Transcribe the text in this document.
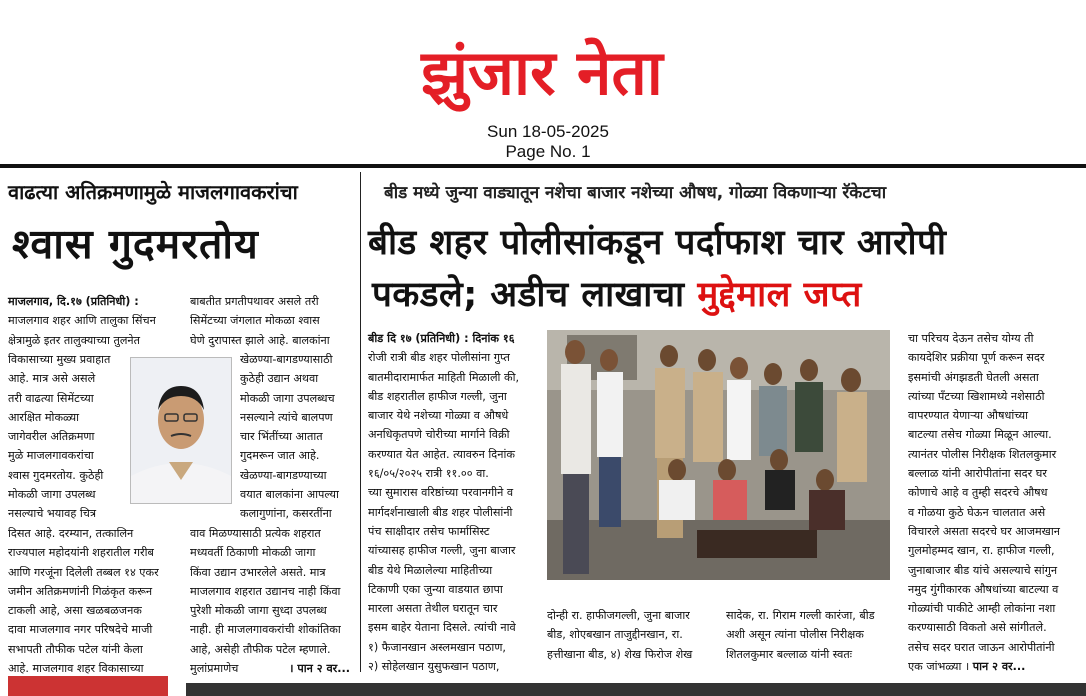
झुंजार नेता
Sun 18-05-2025
Page No. 1
वाढत्या अतिक्रमणामुळे माजलगावकरांचा
श्वास गुदमरतोय

माजलगाव, दि.१७ (प्रतिनिधी) :

माजलगाव शहर आणि तालुका सिंचन

क्षेत्रामुळे इतर तालुक्याच्या तुलनेत

विकासाच्या मुख्य प्रवाहात

आहे. मात्र असे असले

तरी वाढत्या सिमेंटच्या

आरक्षित मोकळ्या

जागेवरील अतिक्रमणा

मुळे माजलगावकरांचा

श्वास गुदमरतोय. कुठेही

मोकळी जागा उपलब्ध

नसल्याचे भयावह चित्र

दिसत आहे. दरम्यान, तत्कालिन

राज्यपाल महोदयांनी शहरातील गरीब

आणि गरजूंना दिलेली तब्बल १४ एकर

जमीन अतिक्रमणांनी गिळंकृत करून

टाकली आहे, असा खळबळजनक

दावा माजलगाव नगर परिषदेचे माजी

सभापती तौफीक पटेल यांनी केला

आहे. माजलगाव शहर विकासाच्या

बाबतीत प्रगतीपथावर असले तरी

सिमेंटच्या जंगलात मोकळा श्वास

घेणे दुरापास्त झाले आहे. बालकांना

खेळण्या-बागडण्यासाठी

कुठेही उद्यान अथवा

मोकळी जागा उपलब्धच

नसल्याने त्यांचे बालपण

चार भिंतींच्या आतात

गुदमरून जात आहे.

खेळण्या-बागडण्याच्या

वयात बालकांना आपल्या

कलागुणांना, कसरतींना

वाव मिळण्यासाठी प्रत्येक शहरात

मध्यवर्ती ठिकाणी मोकळी जागा

किंवा उद्यान उभारलेले असते. मात्र

माजलगाव शहरात उद्यानच नाही किंवा

पुरेशी मोकळी जागा सुध्दा उपलब्ध

नाही. ही माजलगावकरांची शोकांतिका

आहे, असेही तौफीक पटेल म्हणाले.

मुलांप्रमाणेच	। पान २ वर...

बीड मध्ये जुन्या वाड्यातून नशेचा बाजार नशेच्या औषध, गोळ्या विकणाऱ्या रॅकेटचा
बीड शहर पोलीसांकडून पर्दाफाश चार आरोपी
पकडले; अडीच लाखाचा मुद्देमाल जप्त

बीड दि १७ (प्रतिनिधी) : दिनांक १६

रोजी रात्री बीड शहर पोलीसांना गुप्त

बातमीदारामार्फत माहिती मिळाली की,

बीड शहरातील हाफीज गल्ली, जुना

बाजार येथे नशेच्या गोळ्या व औषधे

अनधिकृतपणे चोरीच्या मार्गाने विक्री

करण्यात येत आहेत. त्यावरुन दिनांक

१६/०५/२०२५ रात्री ११.०० वा.

च्या सुमारास वरिष्ठांच्या परवानगीने व

मार्गदर्शनाखाली बीड शहर पोलीसांनी

पंच साक्षीदार तसेच फार्मासिस्ट

यांच्यासह हाफीज गल्ली, जुना बाजार

बीड येथे मिळालेल्या माहितीच्या

टिकाणी एका जुन्या वाडयात छापा

मारला असता तेथील घरातून चार

इसम बाहेर येताना दिसले. त्यांची नावे

१) फैजानखान अस्लमखान पठाण,

२) सोहेलखान युसुफखान पठाण,

दोन्ही रा. हाफीजगल्ली, जुना बाजार

बीड, शोएबखान ताजुद्दीनखान, रा.

हत्तीखाना बीड, ४) शेख फिरोज शेख

सादेक, रा. गिराम गल्ली कारंजा, बीड

अशी असून त्यांना पोलीस निरीक्षक

शितलकुमार बल्लाळ यांनी स्वतः

चा परिचय देऊन तसेच योग्य ती

कायदेशिर प्रक्रीया पूर्ण करून सदर

इसमांची अंगझडती घेतली असता

त्यांच्या पॅंटच्या खिशामध्ये नशेसाठी

वापरण्यात येणाऱ्या औषधांच्या

बाटल्या तसेच गोळ्या मिळून आल्या.

त्यानंतर पोलीस निरीक्षक शितलकुमार

बल्लाळ यांनी आरोपीतांना सदर घर

कोणाचे आहे व तुम्ही सदरचे औषध

व गोळया कुठे घेऊन चालतात असे

विचारले असता सदरचे घर आजमखान

गुलमोहम्मद खान, रा. हाफीज गल्ली,

जुनाबाजार बीड यांचे असल्याचे सांगुन

नमुद गुंगीकारक औषधांच्या बाटल्या व

गोळ्यांची पाकीटे आम्ही लोकांना नशा

करण्यासाठी विकतो असे सांगीतले.

तसेच सदर घरात जाऊन आरोपीतांनी

एक जांभळ्या । पान २ वर...
